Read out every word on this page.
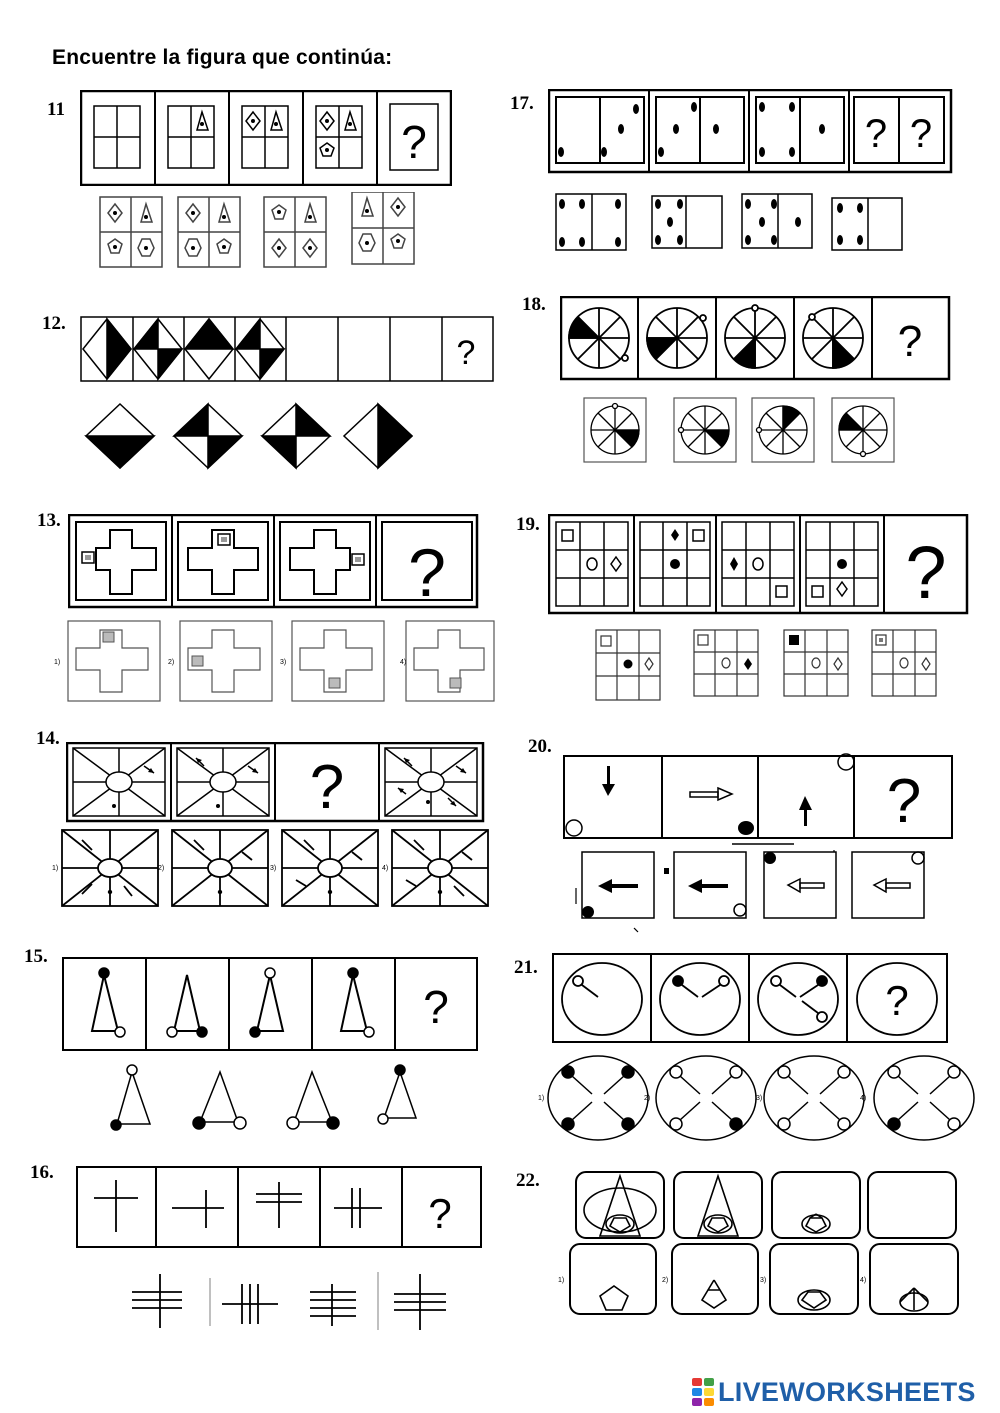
Encuentre la figura que continúa:
11
?
12.
?
13.
?
1)	2)	3)	4)
14.
?
1)	2)	3)	4)
15.
?
16.
?
17.
? ?
18.
?
19.
?
20.
?
21.
?
1)	2)	3)	4)
22.
1)	2)	3)	4)
LIVEWORKSHEETS
